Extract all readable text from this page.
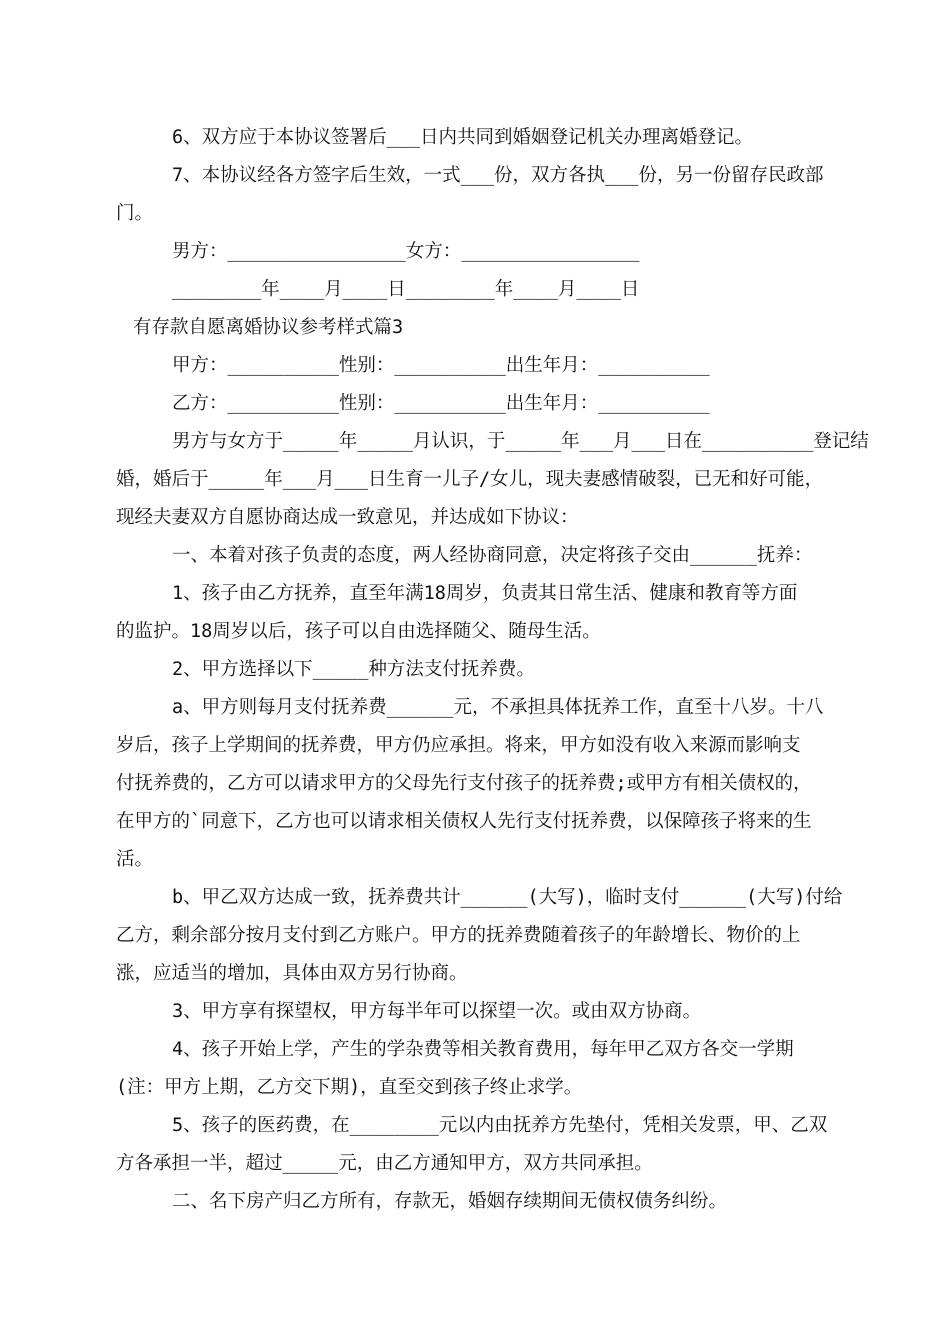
6、双方应于本协议签署后___日内共同到婚姻登记机关办理离婚登记。
7、本协议经各方签字后生效，一式___份，双方各执___份，另一份留存民政部
门。
男方：________________女方：________________
________年____月____日________年____月____日
有存款自愿离婚协议参考样式篇3
甲方：__________性别：__________出生年月：__________
乙方：__________性别：__________出生年月：__________
男方与女方于_____年_____月认识，于_____年___月___日在__________登记结
婚，婚后于_____年___月___日生育一儿子/女儿，现夫妻感情破裂，已无和好可能，
现经夫妻双方自愿协商达成一致意见，并达成如下协议：
一、本着对孩子负责的态度，两人经协商同意，决定将孩子交由______抚养：
1、孩子由乙方抚养，直至年满18周岁，负责其日常生活、健康和教育等方面
的监护。18周岁以后，孩子可以自由选择随父、随母生活。
2、甲方选择以下_____种方法支付抚养费。
a、甲方则每月支付抚养费______元，不承担具体抚养工作，直至十八岁。十八
岁后，孩子上学期间的抚养费，甲方仍应承担。将来，甲方如没有收入来源而影响支
付抚养费的，乙方可以请求甲方的父母先行支付孩子的抚养费;或甲方有相关债权的，
在甲方的`同意下，乙方也可以请求相关债权人先行支付抚养费，以保障孩子将来的生
活。
b、甲乙双方达成一致，抚养费共计______(大写)，临时支付______(大写)付给
乙方，剩余部分按月支付到乙方账户。甲方的抚养费随着孩子的年龄增长、物价的上
涨，应适当的增加，具体由双方另行协商。
3、甲方享有探望权，甲方每半年可以探望一次。或由双方协商。
4、孩子开始上学，产生的学杂费等相关教育费用，每年甲乙双方各交一学期
(注：甲方上期，乙方交下期)，直至交到孩子终止求学。
5、孩子的医药费，在________元以内由抚养方先垫付，凭相关发票，甲、乙双
方各承担一半，超过_____元，由乙方通知甲方，双方共同承担。
二、名下房产归乙方所有，存款无，婚姻存续期间无债权债务纠纷。
